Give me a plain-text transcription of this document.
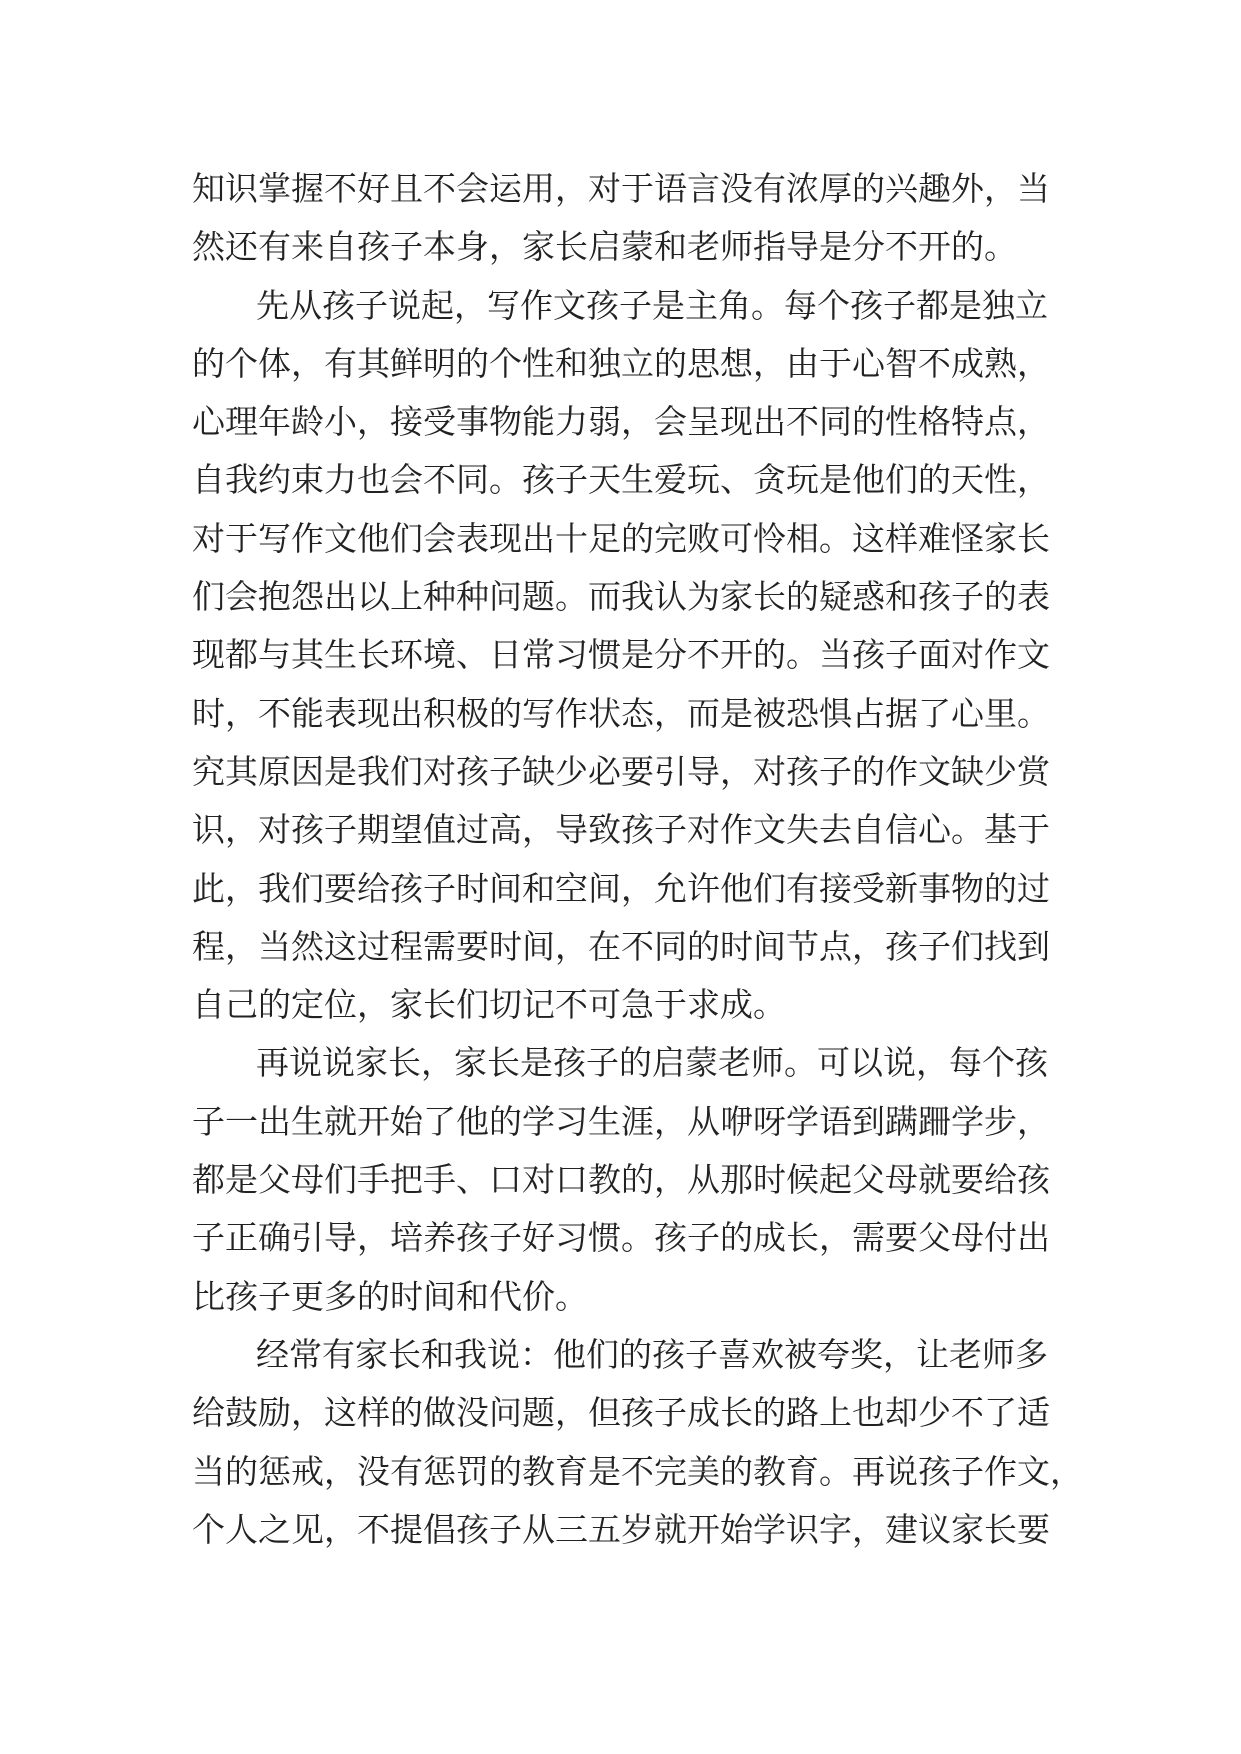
知识掌握不好且不会运用，对于语言没有浓厚的兴趣外，当
然还有来自孩子本身，家长启蒙和老师指导是分不开的。
先从孩子说起，写作文孩子是主角。每个孩子都是独立
的个体，有其鲜明的个性和独立的思想，由于心智不成熟，
心理年龄小，接受事物能力弱，会呈现出不同的性格特点，
自我约束力也会不同。孩子天生爱玩、贪玩是他们的天性，
对于写作文他们会表现出十足的完败可怜相。这样难怪家长
们会抱怨出以上种种问题。而我认为家长的疑惑和孩子的表
现都与其生长环境、日常习惯是分不开的。当孩子面对作文
时，不能表现出积极的写作状态，而是被恐惧占据了心里。
究其原因是我们对孩子缺少必要引导，对孩子的作文缺少赏
识，对孩子期望值过高，导致孩子对作文失去自信心。基于
此，我们要给孩子时间和空间，允许他们有接受新事物的过
程，当然这过程需要时间，在不同的时间节点，孩子们找到
自己的定位，家长们切记不可急于求成。
再说说家长，家长是孩子的启蒙老师。可以说，每个孩
子一出生就开始了他的学习生涯，从咿呀学语到蹒跚学步，
都是父母们手把手、口对口教的，从那时候起父母就要给孩
子正确引导，培养孩子好习惯。孩子的成长，需要父母付出
比孩子更多的时间和代价。
经常有家长和我说：他们的孩子喜欢被夸奖，让老师多
给鼓励，这样的做没问题，但孩子成长的路上也却少不了适
当的惩戒，没有惩罚的教育是不完美的教育。再说孩子作文，
个人之见，不提倡孩子从三五岁就开始学识字，建议家长要
